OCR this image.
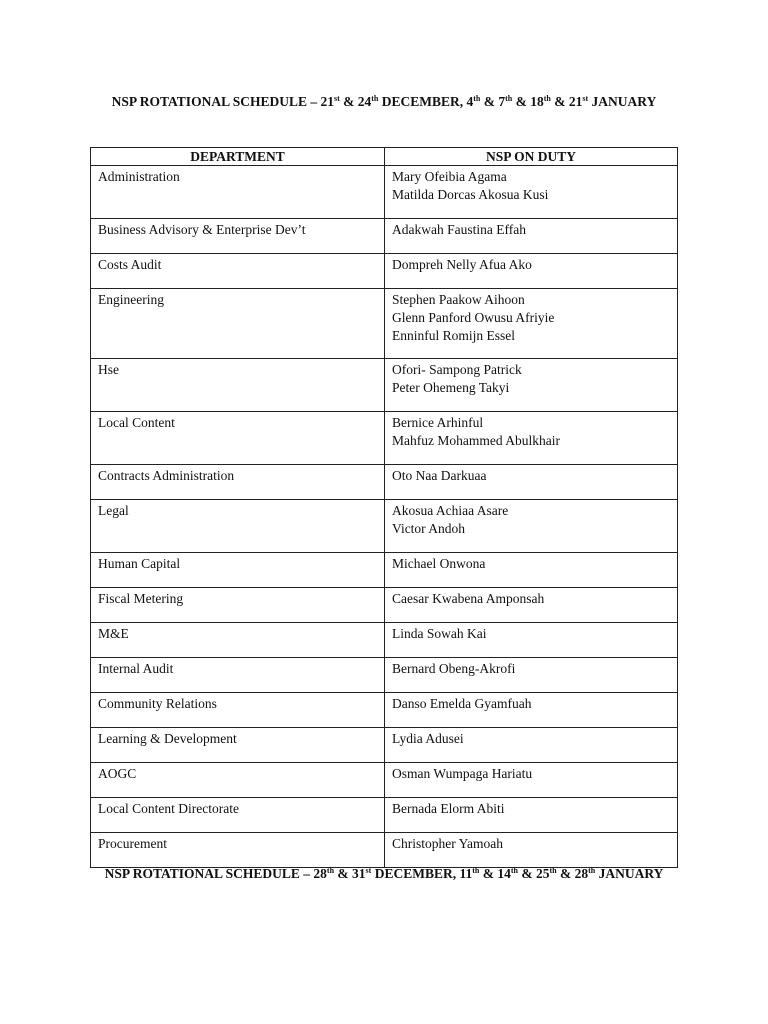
NSP ROTATIONAL SCHEDULE – 21st & 24th DECEMBER, 4th & 7th & 18th & 21st JANUARY
DEPARTMENT	NSP ON DUTY

Administration	Mary Ofeibia Agama
Matilda Dorcas Akosua Kusi

Business Advisory & Enterprise Dev’t	Adakwah Faustina Effah

Costs Audit	Dompreh Nelly Afua Ako

Engineering	Stephen Paakow Aihoon
Glenn Panford Owusu Afriyie
Enninful Romijn Essel

Hse	Ofori- Sampong Patrick
Peter Ohemeng Takyi

Local Content	Bernice Arhinful
Mahfuz Mohammed Abulkhair

Contracts Administration	Oto Naa Darkuaa

Legal	Akosua Achiaa Asare
Victor Andoh

Human Capital	Michael Onwona

Fiscal Metering	Caesar Kwabena Amponsah

M&E	Linda Sowah Kai

Internal Audit	Bernard Obeng-Akrofi

Community Relations	Danso Emelda Gyamfuah

Learning & Development	Lydia Adusei

AOGC	Osman Wumpaga Hariatu

Local Content Directorate	Bernada Elorm Abiti

Procurement	Christopher Yamoah
NSP ROTATIONAL SCHEDULE – 28th & 31st DECEMBER, 11th & 14th & 25th & 28th JANUARY
